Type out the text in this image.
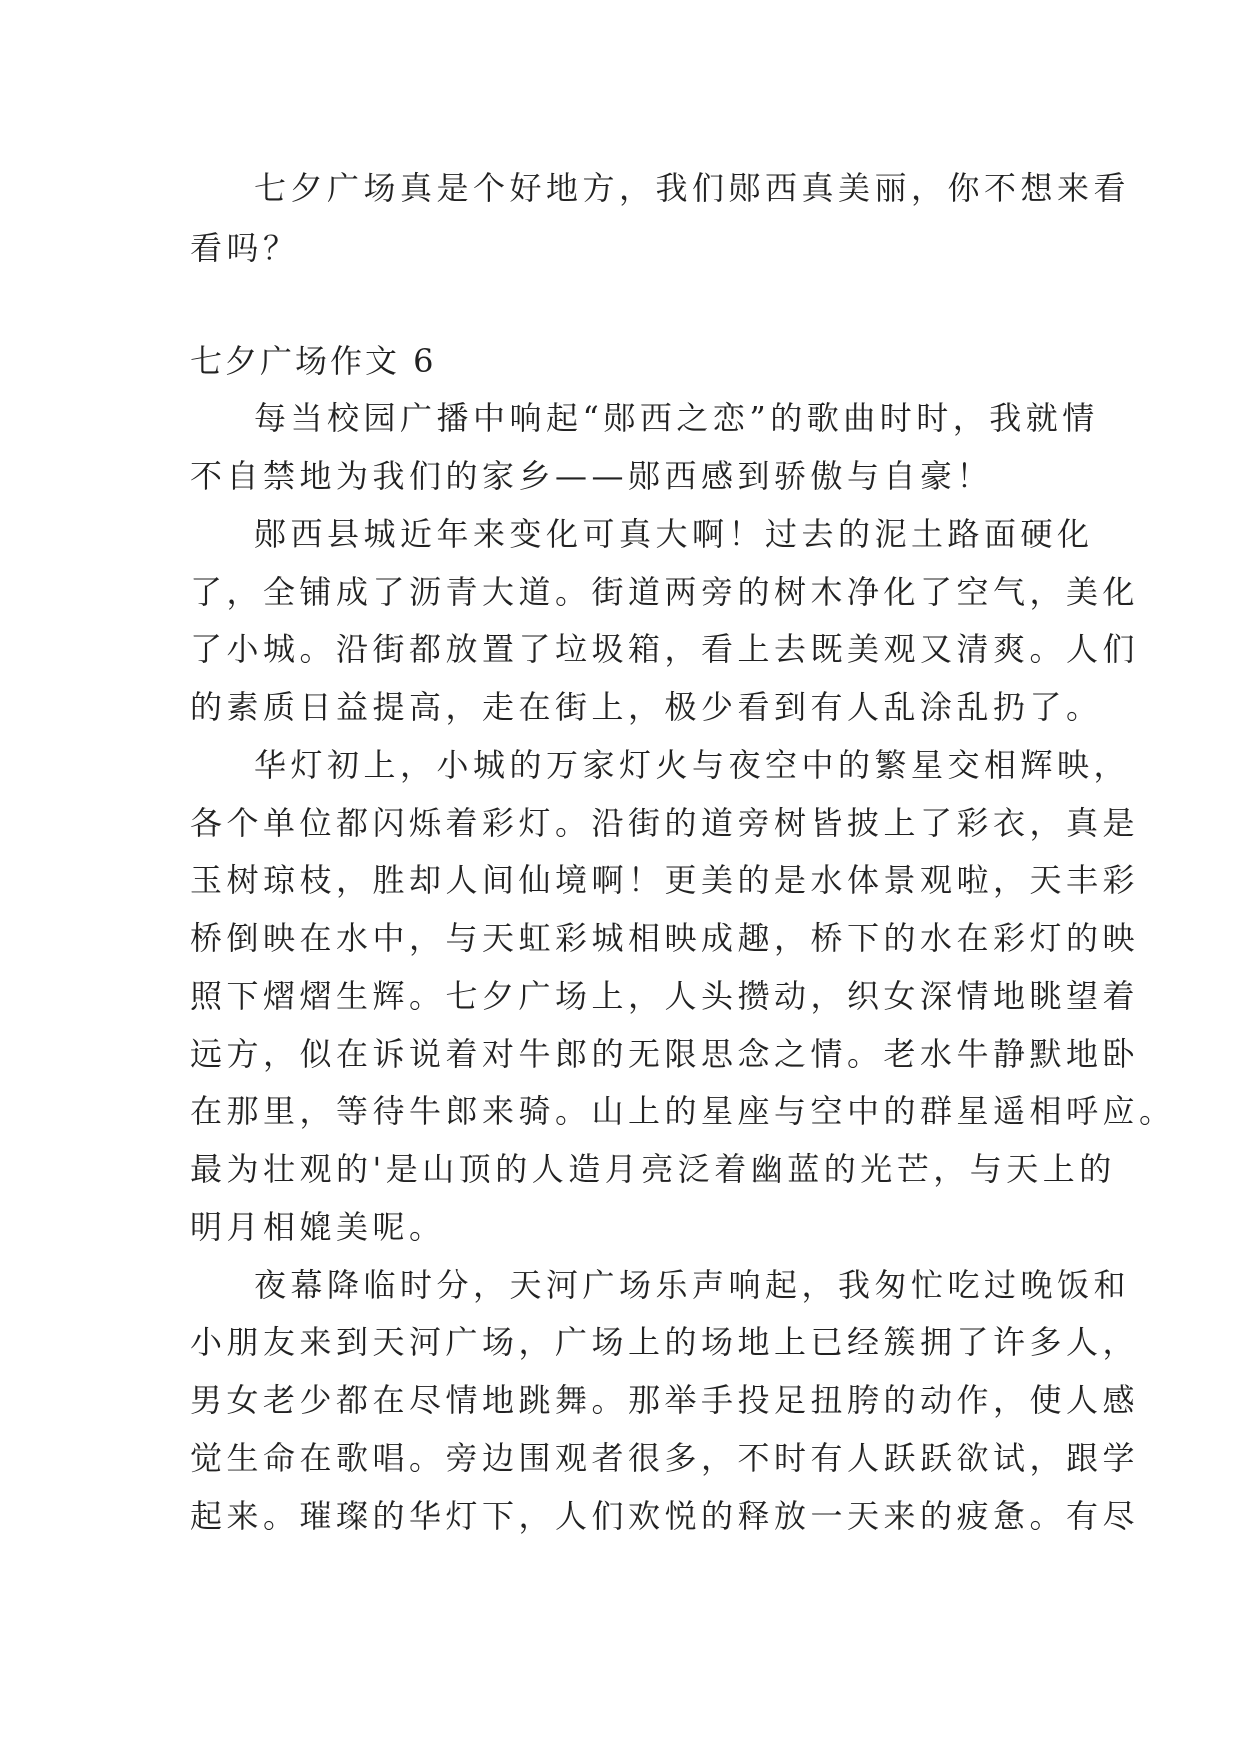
七夕广场真是个好地方，我们郧西真美丽，你不想来看
看吗？
七夕广场作文 6
每当校园广播中响起“郧西之恋”的歌曲时时，我就情
不自禁地为我们的家乡——郧西感到骄傲与自豪！
郧西县城近年来变化可真大啊！过去的泥土路面硬化
了，全铺成了沥青大道。街道两旁的树木净化了空气，美化
了小城。沿街都放置了垃圾箱，看上去既美观又清爽。人们
的素质日益提高，走在街上，极少看到有人乱涂乱扔了。
华灯初上，小城的万家灯火与夜空中的繁星交相辉映，
各个单位都闪烁着彩灯。沿街的道旁树皆披上了彩衣，真是
玉树琼枝，胜却人间仙境啊！更美的是水体景观啦，天丰彩
桥倒映在水中，与天虹彩城相映成趣，桥下的水在彩灯的映
照下熠熠生辉。七夕广场上，人头攒动，织女深情地眺望着
远方，似在诉说着对牛郎的无限思念之情。老水牛静默地卧
在那里，等待牛郎来骑。山上的星座与空中的群星遥相呼应。
最为壮观的'是山顶的人造月亮泛着幽蓝的光芒，与天上的
明月相媲美呢。
夜幕降临时分，天河广场乐声响起，我匆忙吃过晚饭和
小朋友来到天河广场，广场上的场地上已经簇拥了许多人，
男女老少都在尽情地跳舞。那举手投足扭胯的动作，使人感
觉生命在歌唱。旁边围观者很多，不时有人跃跃欲试，跟学
起来。璀璨的华灯下，人们欢悦的释放一天来的疲惫。有尽
